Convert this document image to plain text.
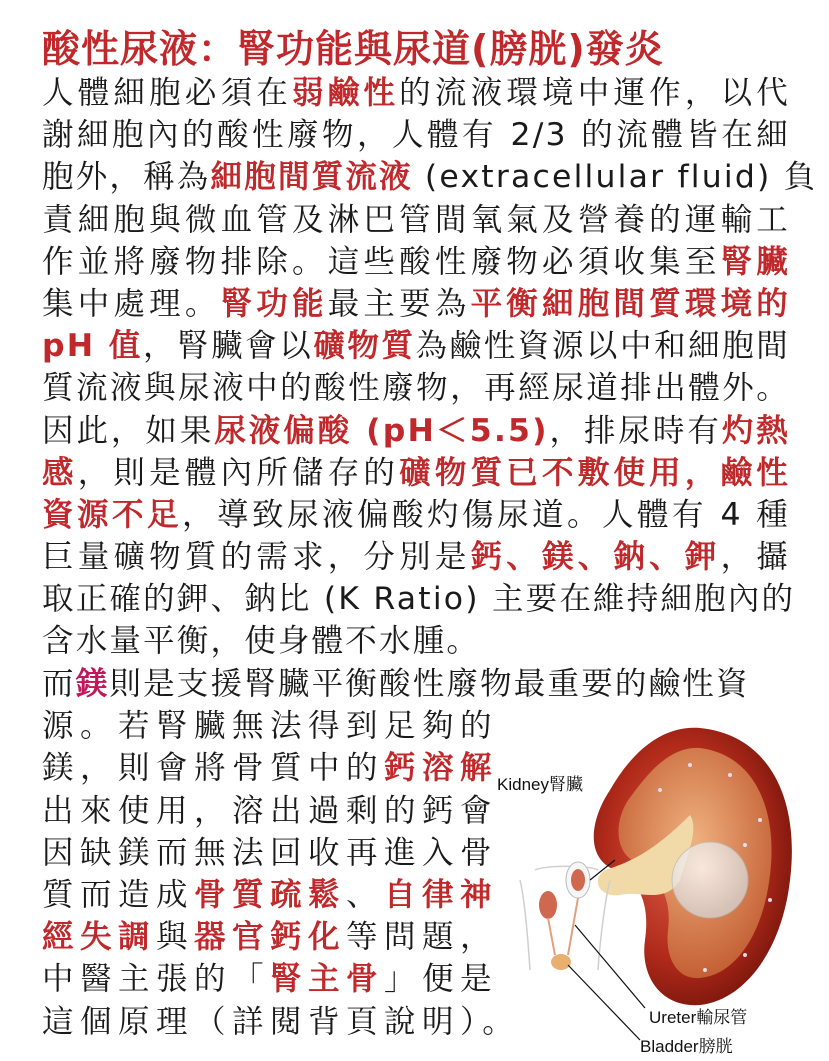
酸性尿液：腎功能與尿道(膀胱)發炎
人體細胞必須在弱鹼性的流液環境中運作，以代
謝細胞內的酸性廢物，人體有 2/3 的流體皆在細
胞外，稱為細胞間質流液 (extracellular fluid) 負
責細胞與微血管及淋巴管間氧氣及營養的運輸工
作並將廢物排除。這些酸性廢物必須收集至腎臟
集中處理。腎功能最主要為平衡細胞間質環境的
pH 值，腎臟會以礦物質為鹼性資源以中和細胞間
質流液與尿液中的酸性廢物，再經尿道排出體外。
因此，如果尿液偏酸 (pH＜5.5)，排尿時有灼熱
感，則是體內所儲存的礦物質已不敷使用，鹼性
資源不足，導致尿液偏酸灼傷尿道。人體有 4 種
巨量礦物質的需求，分別是鈣、鎂、鈉、鉀，攝
取正確的鉀、鈉比 (K Ratio) 主要在維持細胞內的
含水量平衡，使身體不水腫。
而鎂則是支援腎臟平衡酸性廢物最重要的鹼性資
源。若腎臟無法得到足夠的
鎂，則會將骨質中的鈣溶解
出來使用，溶出過剩的鈣會
因缺鎂而無法回收再進入骨
質而造成骨質疏鬆、自律神
經失調與器官鈣化等問題，
中醫主張的「腎主骨」便是
這個原理（詳閱背頁說明）。
Kidney腎臟
Ureter輸尿管
Bladder膀胱
